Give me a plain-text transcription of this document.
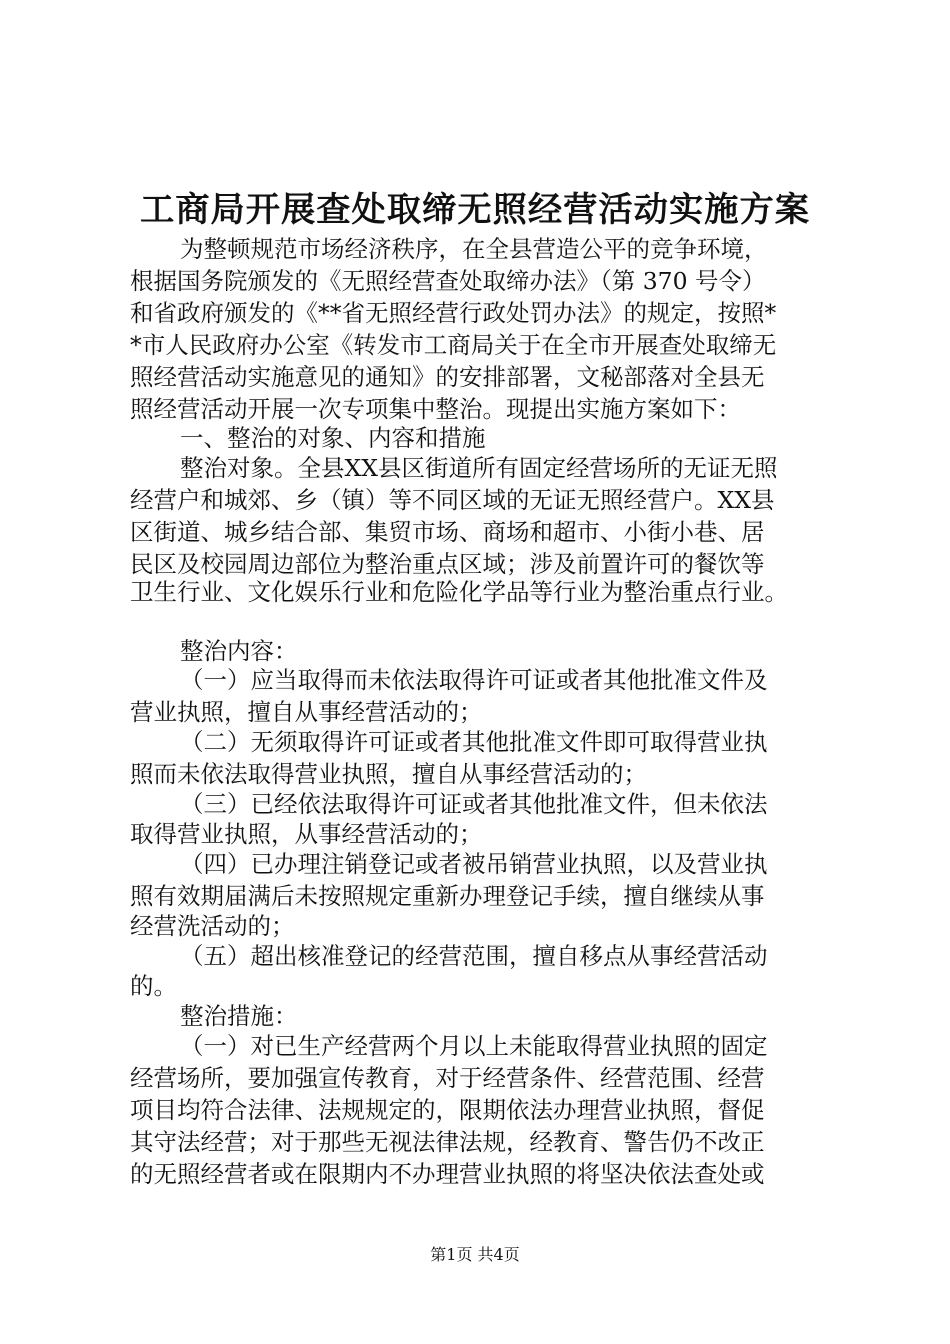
工商局开展查处取缔无照经营活动实施方案
为整顿规范市场经济秩序，在全县营造公平的竞争环境，
根据国务院颁发的《无照经营查处取缔办法》（第 370 号令）
和省政府颁发的《**省无照经营行政处罚办法》的规定，按照*
*市人民政府办公室《转发市工商局关于在全市开展查处取缔无
照经营活动实施意见的通知》的安排部署，文秘部落对全县无
照经营活动开展一次专项集中整治。现提出实施方案如下：
一、整治的对象、内容和措施
整治对象。全县XX县区街道所有固定经营场所的无证无照
经营户和城郊、乡（镇）等不同区域的无证无照经营户。XX县
区街道、城乡结合部、集贸市场、商场和超市、小街小巷、居
民区及校园周边部位为整治重点区域；涉及前置许可的餐饮等
卫生行业、文化娱乐行业和危险化学品等行业为整治重点行业。
整治内容：
（一）应当取得而未依法取得许可证或者其他批准文件及
营业执照，擅自从事经营活动的；
（二）无须取得许可证或者其他批准文件即可取得营业执
照而未依法取得营业执照，擅自从事经营活动的；
（三）已经依法取得许可证或者其他批准文件，但未依法
取得营业执照，从事经营活动的；
（四）已办理注销登记或者被吊销营业执照，以及营业执
照有效期届满后未按照规定重新办理登记手续，擅自继续从事
经营洗活动的；
（五）超出核准登记的经营范围，擅自移点从事经营活动
的。
整治措施：
（一）对已生产经营两个月以上未能取得营业执照的固定
经营场所，要加强宣传教育，对于经营条件、经营范围、经营
项目均符合法律、法规规定的，限期依法办理营业执照，督促
其守法经营；对于那些无视法律法规，经教育、警告仍不改正
的无照经营者或在限期内不办理营业执照的将坚决依法查处或
第1页 共4页
